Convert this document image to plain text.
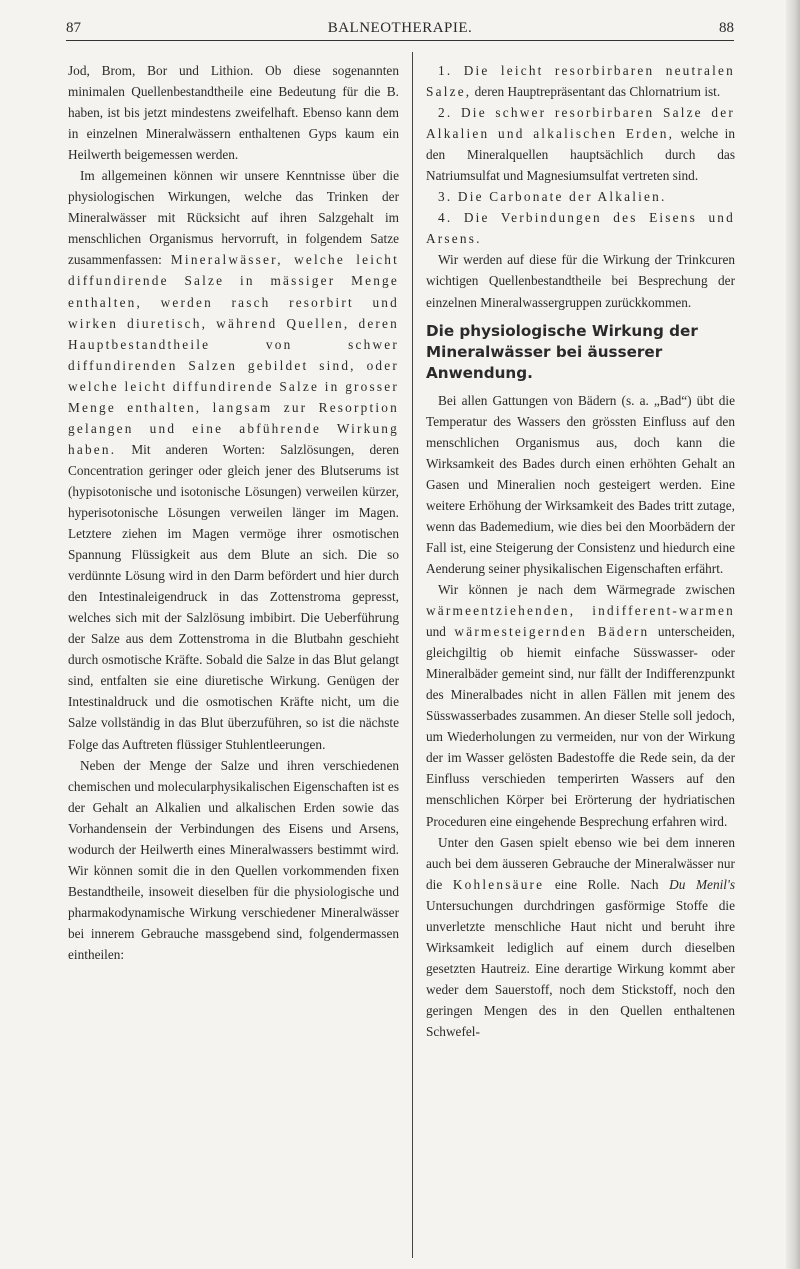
87	BALNEOTHERAPIE.	88

Jod, Brom, Bor und Lithion. Ob diese sogenannten minimalen Quellenbestandtheile eine Bedeutung für die B. haben, ist bis jetzt mindestens zweifelhaft. Ebenso kann dem in einzelnen Mineralwässern enthaltenen Gyps kaum ein Heilwerth beigemessen werden.

Im allgemeinen können wir unsere Kenntnisse über die physiologischen Wirkungen, welche das Trinken der Mineralwässer mit Rücksicht auf ihren Salzgehalt im menschlichen Organismus hervorruft, in folgendem Satze zusammenfassen: Mineralwässer, welche leicht diffundirende Salze in mässiger Menge enthalten, werden rasch resorbirt und wirken diuretisch, während Quellen, deren Hauptbestandtheile von schwer diffundirenden Salzen gebildet sind, oder welche leicht diffundirende Salze in grosser Menge enthalten, langsam zur Resorption gelangen und eine abführende Wirkung haben. Mit anderen Worten: Salzlösungen, deren Concentration geringer oder gleich jener des Blutserums ist (hypisotonische und isotonische Lösungen) verweilen kürzer, hyperisotonische Lösungen verweilen länger im Magen. Letztere ziehen im Magen vermöge ihrer osmotischen Spannung Flüssigkeit aus dem Blute an sich. Die so verdünnte Lösung wird in den Darm befördert und hier durch den Intestinaleigendruck in das Zottenstroma gepresst, welches sich mit der Salzlösung imbibirt. Die Ueberführung der Salze aus dem Zottenstroma in die Blutbahn geschieht durch osmotische Kräfte. Sobald die Salze in das Blut gelangt sind, entfalten sie eine diuretische Wirkung. Genügen der Intestinaldruck und die osmotischen Kräfte nicht, um die Salze vollständig in das Blut überzuführen, so ist die nächste Folge das Auftreten flüssiger Stuhlentleerungen.

Neben der Menge der Salze und ihren verschiedenen chemischen und molecularphysikalischen Eigenschaften ist es der Gehalt an Alkalien und alkalischen Erden sowie das Vorhandensein der Verbindungen des Eisens und Arsens, wodurch der Heilwerth eines Mineralwassers bestimmt wird. Wir können somit die in den Quellen vorkommenden fixen Bestandtheile, insoweit dieselben für die physiologische und pharmakodynamische Wirkung verschiedener Mineralwässer bei innerem Gebrauche massgebend sind, folgendermassen eintheilen:

1. Die leicht resorbirbaren neutralen Salze, deren Hauptrepräsentant das Chlornatrium ist.

2. Die schwer resorbirbaren Salze der Alkalien und alkalischen Erden, welche in den Mineralquellen hauptsächlich durch das Natriumsulfat und Magnesiumsulfat vertreten sind.

3. Die Carbonate der Alkalien.

4. Die Verbindungen des Eisens und Arsens.

Wir werden auf diese für die Wirkung der Trinkcuren wichtigen Quellenbestandtheile bei Besprechung der einzelnen Mineralwassergruppen zurückkommen.

Die physiologische Wirkung der Mineralwässer bei äusserer Anwendung.

Bei allen Gattungen von Bädern (s. a. „Bad“) übt die Temperatur des Wassers den grössten Einfluss auf den menschlichen Organismus aus, doch kann die Wirksamkeit des Bades durch einen erhöhten Gehalt an Gasen und Mineralien noch gesteigert werden. Eine weitere Erhöhung der Wirksamkeit des Bades tritt zutage, wenn das Bademedium, wie dies bei den Moorbädern der Fall ist, eine Steigerung der Consistenz und hiedurch eine Aenderung seiner physikalischen Eigenschaften erfährt.

Wir können je nach dem Wärmegrade zwischen wärmeentziehenden, indifferent-warmen und wärmesteigernden Bädern unterscheiden, gleichgiltig ob hiemit einfache Süsswasser- oder Mineralbäder gemeint sind, nur fällt der Indifferenzpunkt des Mineralbades nicht in allen Fällen mit jenem des Süsswasserbades zusammen. An dieser Stelle soll jedoch, um Wiederholungen zu vermeiden, nur von der Wirkung der im Wasser gelösten Badestoffe die Rede sein, da der Einfluss verschieden temperirten Wassers auf den menschlichen Körper bei Erörterung der hydriatischen Proceduren eine eingehende Besprechung erfahren wird.

Unter den Gasen spielt ebenso wie bei dem inneren auch bei dem äusseren Gebrauche der Mineralwässer nur die Kohlensäure eine Rolle. Nach Du Menil's Untersuchungen durchdringen gasförmige Stoffe die unverletzte menschliche Haut nicht und beruht ihre Wirksamkeit lediglich auf einem durch dieselben gesetzten Hautreiz. Eine derartige Wirkung kommt aber weder dem Sauerstoff, noch dem Stickstoff, noch den geringen Mengen des in den Quellen enthaltenen Schwefel-
